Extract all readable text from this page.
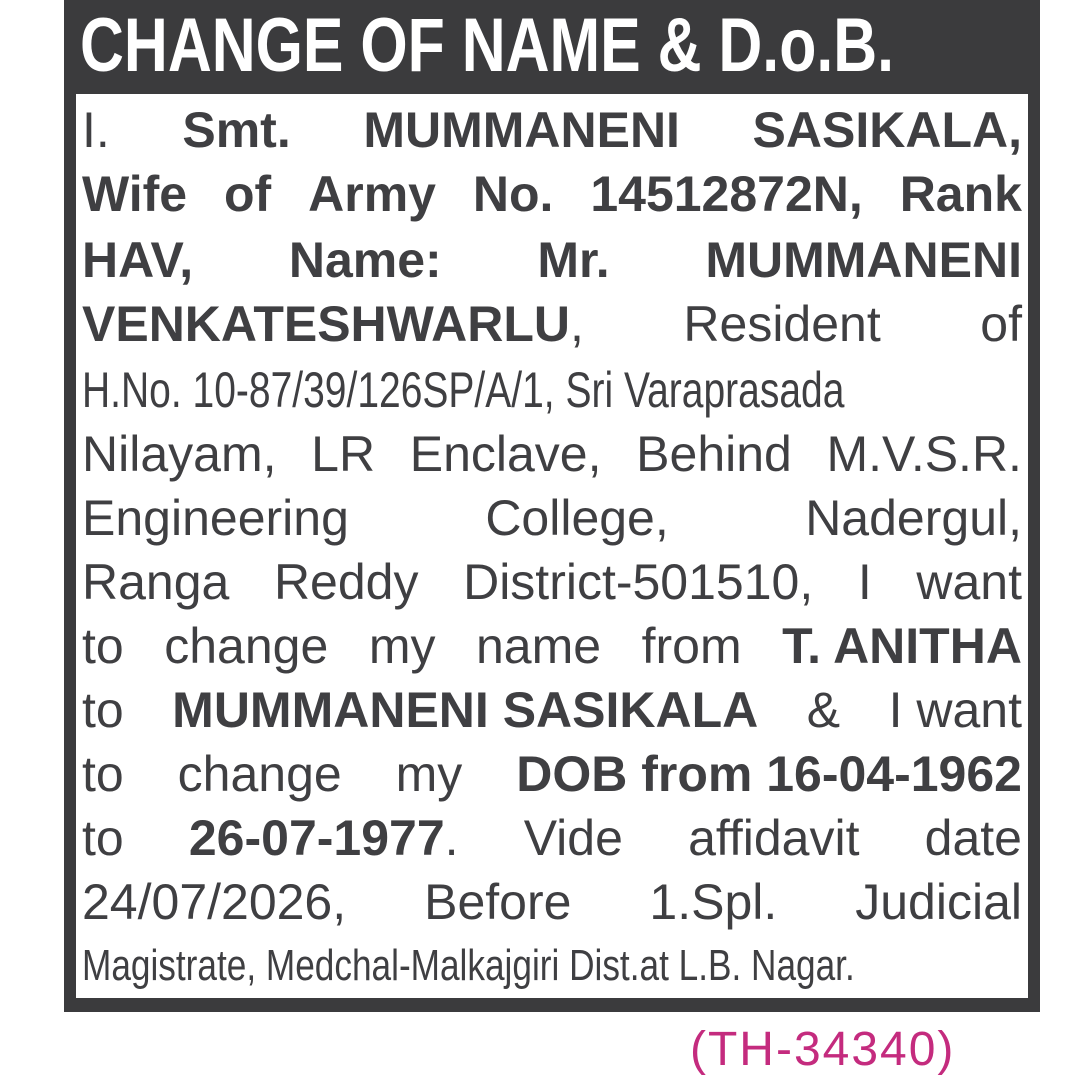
CHANGE OF NAME & D.o.B.
I. Smt. MUMMANENI SASIKALA,
Wife of Army No. 14512872N, Rank
HAV, Name: Mr. MUMMANENI
VENKATESHWARLU, Resident of
H.No. 10-87/39/126SP/A/1, Sri Varaprasada
Nilayam, LR Enclave, Behind M.V.S.R.
Engineering	College,	Nadergul,
Ranga Reddy District-501510, I want
to change my name from T. ANITHA
to MUMMANENI SASIKALA & I want
to change my DOB from 16-04-1962
to 26-07-1977. Vide affidavit date
24/07/2026, Before 1.Spl. Judicial
Magistrate, Medchal-Malkajgiri Dist.at L.B. Nagar.
(TH-34340)
